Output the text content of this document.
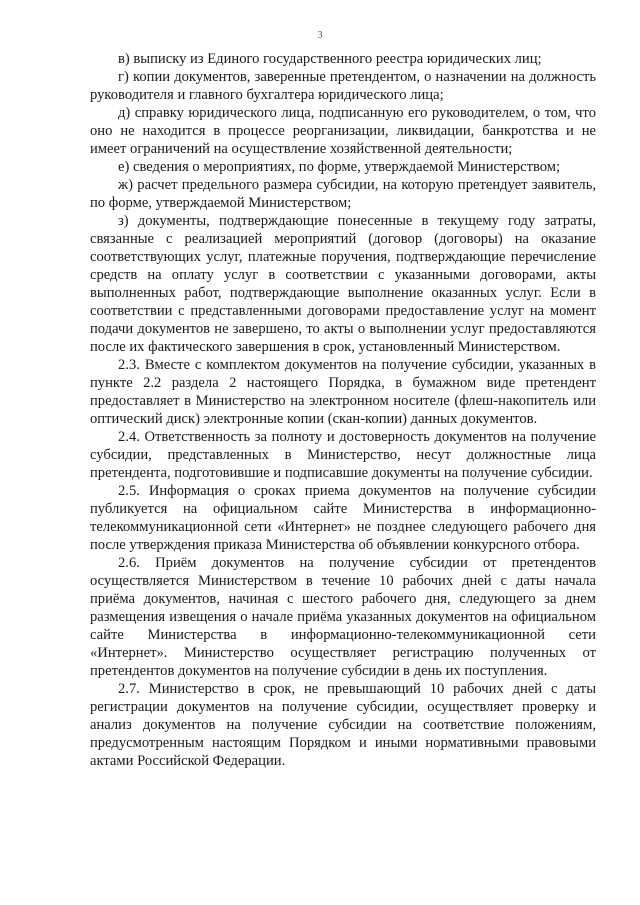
3

в) выписку из Единого государственного реестра юридических лиц;

г) копии документов, заверенные претендентом, о назначении на должность руководителя и главного бухгалтера юридического лица;

д) справку юридического лица, подписанную его руководителем, о том, что оно не находится в процессе реорганизации, ликвидации, банкротства и не имеет ограничений на осуществление хозяйственной деятельности;

е) сведения о мероприятиях, по форме, утверждаемой Министерством;

ж) расчет предельного размера субсидии, на которую претендует заявитель, по форме, утверждаемой Министерством;

з) документы, подтверждающие понесенные в текущему году затраты, связанные с реализацией мероприятий (договор (договоры) на оказание соответствующих услуг, платежные поручения, подтверждающие перечисление средств на оплату услуг в соответствии с указанными договорами, акты выполненных работ, подтверждающие выполнение оказанных услуг. Если в соответствии с представленными договорами предоставление услуг на момент подачи документов не завершено, то акты о выполнении услуг предоставляются после их фактического завершения в срок, установленный Министерством.

2.3. Вместе с комплектом документов на получение субсидии, указанных в пункте 2.2 раздела 2 настоящего Порядка, в бумажном виде претендент предоставляет в Министерство на электронном носителе (флеш-накопитель или оптический диск) электронные копии (скан-копии) данных документов.

2.4. Ответственность за полноту и достоверность документов на получение субсидии, представленных в Министерство, несут должностные лица претендента, подготовившие и подписавшие документы на получение субсидии.

2.5. Информация о сроках приема документов на получение субсидии публикуется на официальном сайте Министерства в информационно-телекоммуникационной сети «Интернет» не позднее следующего рабочего дня после утверждения приказа Министерства об объявлении конкурсного отбора.

2.6. Приём документов на получение субсидии от претендентов осуществляется Министерством в течение 10 рабочих дней с даты начала приёма документов, начиная с шестого рабочего дня, следующего за днем размещения извещения о начале приёма указанных документов на официальном сайте Министерства в информационно-телекоммуникационной сети «Интернет». Министерство осуществляет регистрацию полученных от претендентов документов на получение субсидии в день их поступления.

2.7. Министерство в срок, не превышающий 10 рабочих дней с даты регистрации документов на получение субсидии, осуществляет проверку и анализ документов на получение субсидии на соответствие положениям, предусмотренным настоящим Порядком и иными нормативными правовыми актами Российской Федерации.
